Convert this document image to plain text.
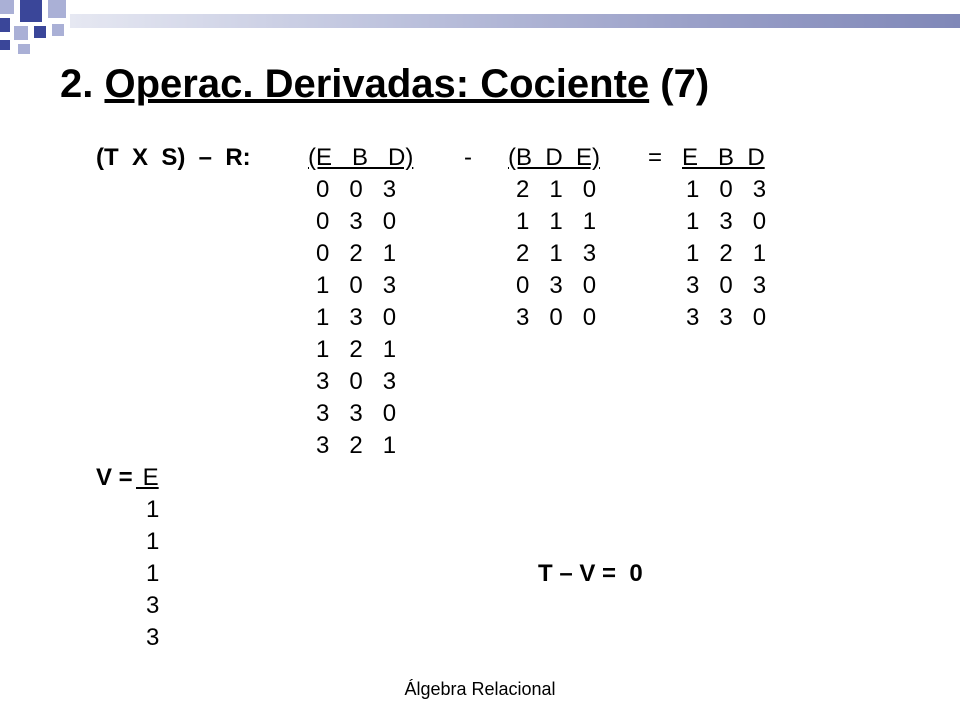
2. Operac. Derivadas: Cociente (7)
(T  X  S)  –  R: (E   B   D) - (B  D  E) = E   B  D
0   0   3
0   3   0
0   2   1
1   0   3
1   3   0
1   2   1
3   0   3
3   3   0
3   2   1
2   1   0
1   1   1
2   1   3
0   3   0
3   0   0
1   0   3
1   3   0
1   2   1
3   0   3
3   3   0
V = E
1
1
1
3
3
T – V =  0
Álgebra Relacional
